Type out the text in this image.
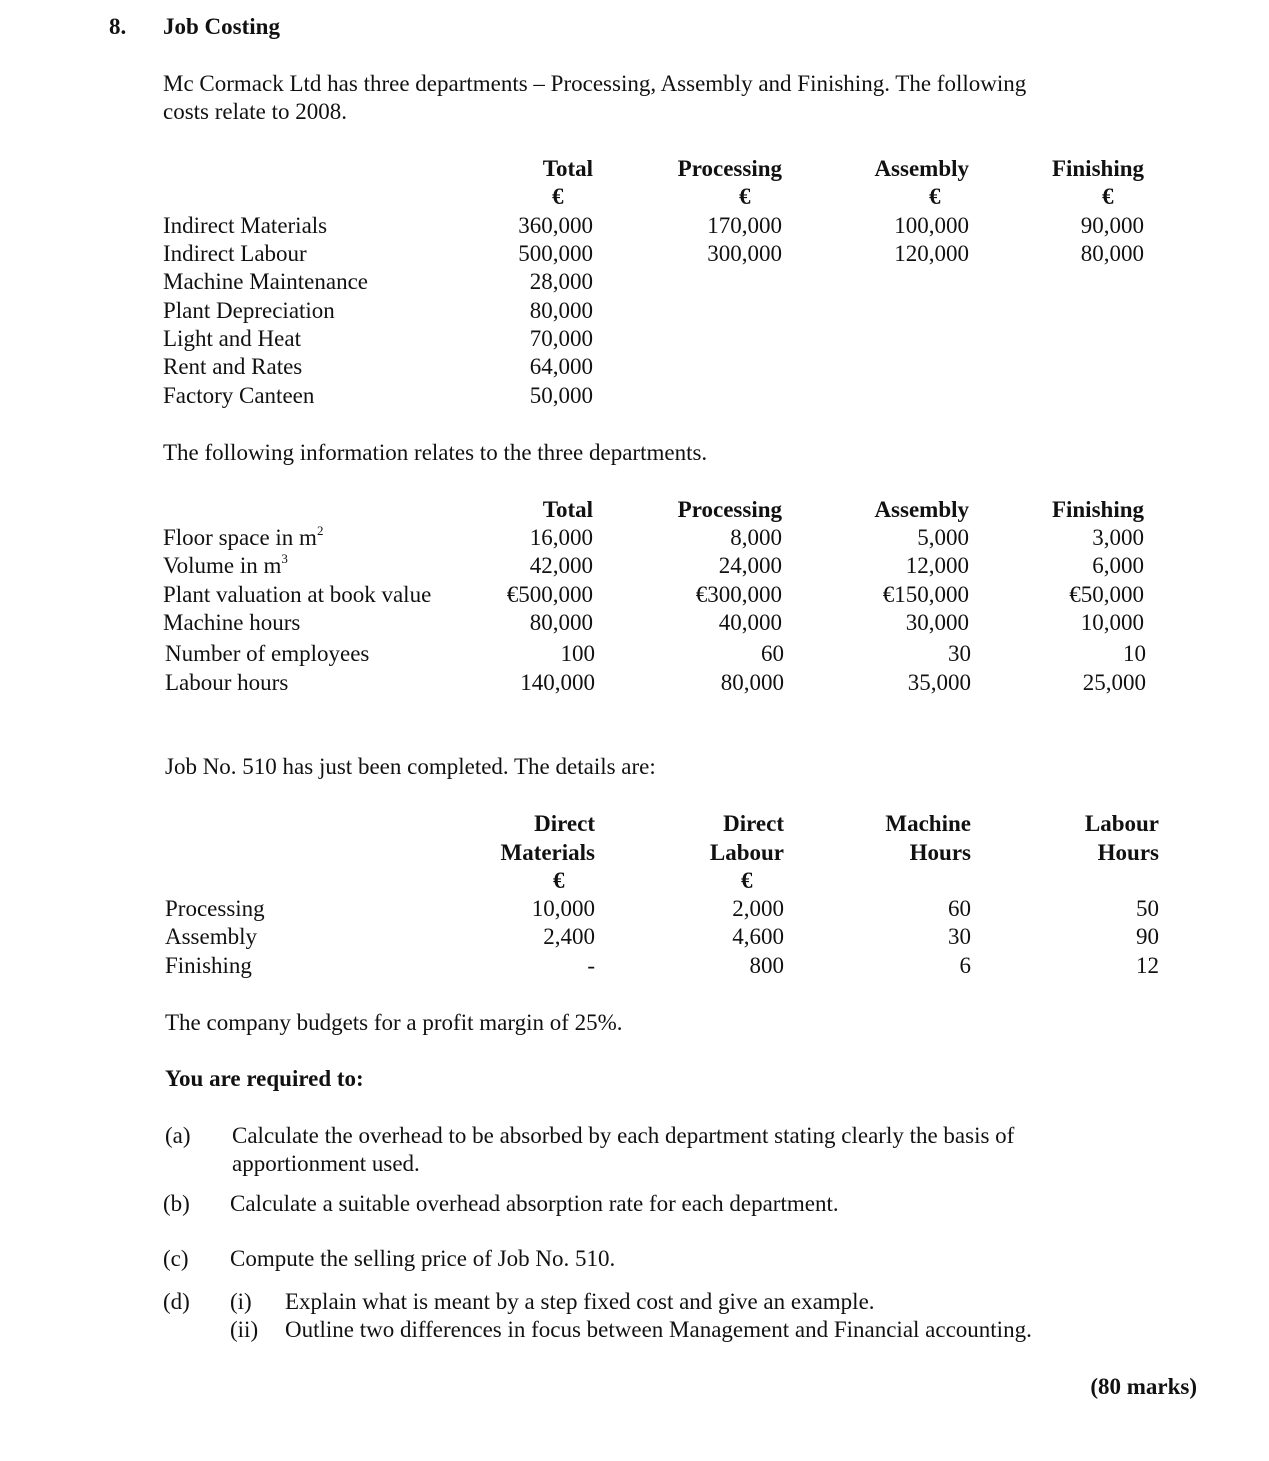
8. Job Costing
Mc Cormack Ltd has three departments – Processing, Assembly and Finishing. The following
costs relate to 2008.
Total	Processing	Assembly	Finishing
€	€	€	€
Indirect Materials	360,000	170,000	100,000	90,000
Indirect Labour	500,000	300,000	120,000	80,000
Machine Maintenance	28,000
Plant Depreciation	80,000
Light and Heat	70,000
Rent and Rates	64,000
Factory Canteen	50,000
The following information relates to the three departments.
Total	Processing	Assembly	Finishing
Floor space in $m^2$	16,000	8,000	5,000	3,000
Volume in $m^3$	42,000	24,000	12,000	6,000
Plant valuation at book value	€500,000	€300,000	€150,000	€50,000
Machine hours	80,000	40,000	30,000	10,000
Number of employees	100	60	30	10
Labour hours	140,000	80,000	35,000	25,000
Job No. 510 has just been completed. The details are:
Direct	Direct	Machine	Labour
Materials	Labour	Hours	Hours
€	€
Processing	10,000	2,000	60	50
Assembly	2,400	4,600	30	90
Finishing	-	800	6	12
The company budgets for a profit margin of 25%.
You are required to:
(a) Calculate the overhead to be absorbed by each department stating clearly the basis of
apportionment used.
(b) Calculate a suitable overhead absorption rate for each department.
(c) Compute the selling price of Job No. 510.
(d) (i) Explain what is meant by a step fixed cost and give an example.
(ii) Outline two differences in focus between Management and Financial accounting.
(80 marks)
